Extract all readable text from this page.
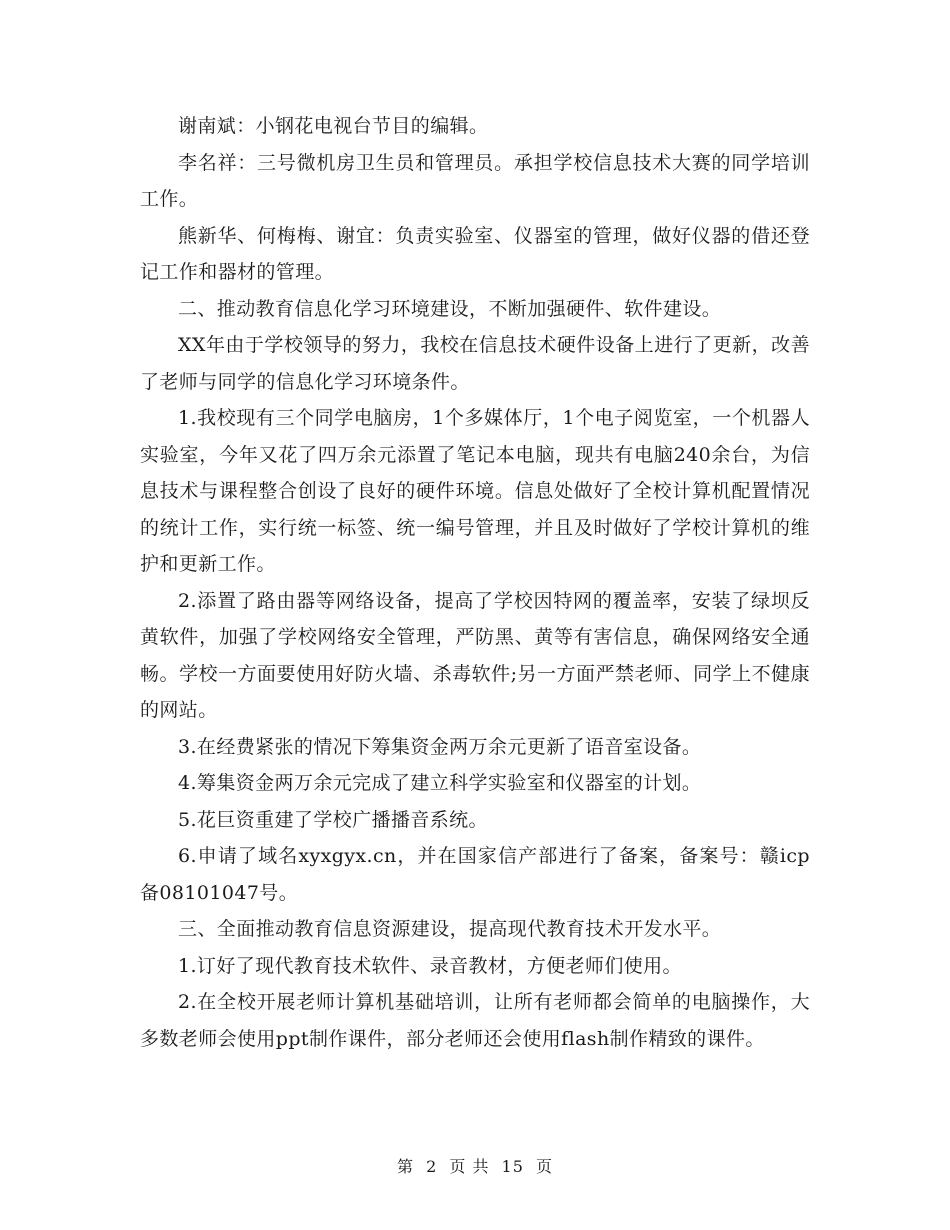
谢南斌：小钢花电视台节目的编辑。

李名祥：三号微机房卫生员和管理员。承担学校信息技术大赛的同学培训工作。

熊新华、何梅梅、谢宜：负责实验室、仪器室的管理，做好仪器的借还登记工作和器材的管理。

二、推动教育信息化学习环境建设，不断加强硬件、软件建设。

XX年由于学校领导的努力，我校在信息技术硬件设备上进行了更新，改善了老师与同学的信息化学习环境条件。

1.我校现有三个同学电脑房，1个多媒体厅，1个电子阅览室，一个机器人实验室，今年又花了四万余元添置了笔记本电脑，现共有电脑240余台，为信息技术与课程整合创设了良好的硬件环境。信息处做好了全校计算机配置情况的统计工作，实行统一标签、统一编号管理，并且及时做好了学校计算机的维护和更新工作。

2.添置了路由器等网络设备，提高了学校因特网的覆盖率，安装了绿坝反黄软件，加强了学校网络安全管理，严防黑、黄等有害信息，确保网络安全通畅。学校一方面要使用好防火墙、杀毒软件;另一方面严禁老师、同学上不健康的网站。

3.在经费紧张的情况下筹集资金两万余元更新了语音室设备。

4.筹集资金两万余元完成了建立科学实验室和仪器室的计划。

5.花巨资重建了学校广播播音系统。

6.申请了域名xyxgyx.cn，并在国家信产部进行了备案，备案号：赣icp备08101047号。

三、全面推动教育信息资源建设，提高现代教育技术开发水平。

1.订好了现代教育技术软件、录音教材，方便老师们使用。

2.在全校开展老师计算机基础培训，让所有老师都会简单的电脑操作，大多数老师会使用ppt制作课件，部分老师还会使用flash制作精致的课件。

第 2 页 共 15 页
